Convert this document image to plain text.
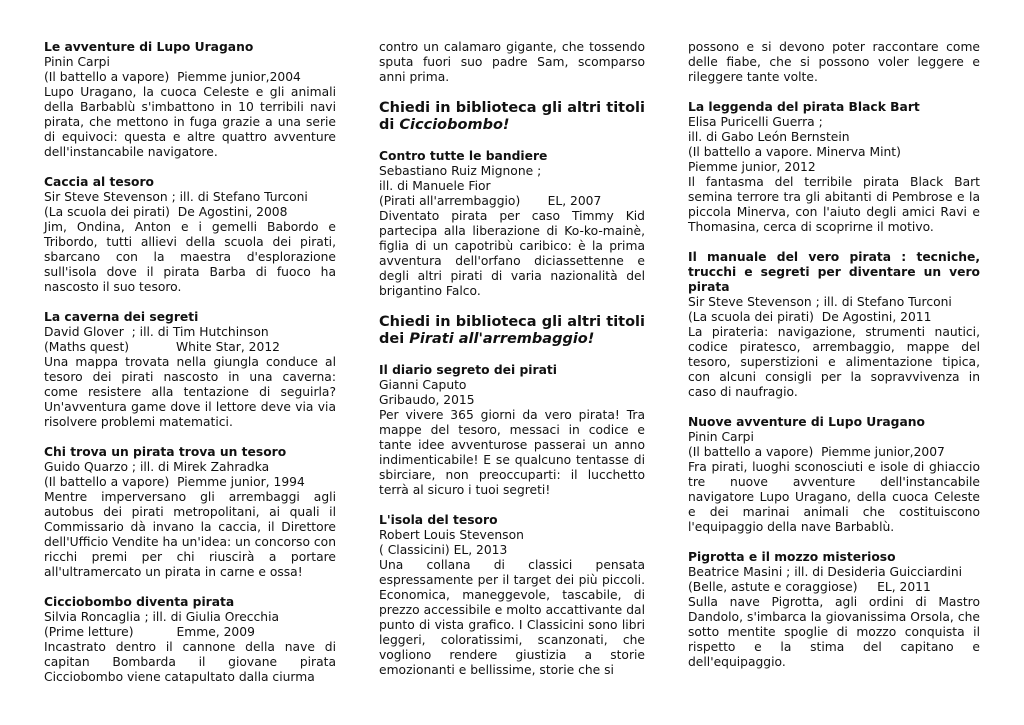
Le avventure di Lupo Uragano
Pinin Carpi
(Il battello a vapore)  Piemme junior,2004
Lupo Uragano, la cuoca Celeste e gli animali della Barbablù s'imbattono in 10 terribili navi pirata, che mettono in fuga grazie a una serie di equivoci: questa e altre quattro avventure dell'instancabile navigatore.
Caccia al tesoro
Sir Steve Stevenson ; ill. di Stefano Turconi
(La scuola dei pirati)  De Agostini, 2008
Jim, Ondina, Anton e i gemelli Babordo e Tribordo, tutti allievi della scuola dei pirati, sbarcano con la maestra d'esplorazione sull'isola dove il pirata Barba di fuoco ha nascosto il suo tesoro.
La caverna dei segreti
David Glover  ; ill. di Tim Hutchinson
(Maths quest)            White Star, 2012
Una mappa trovata nella giungla conduce al tesoro dei pirati nascosto in una caverna: come resistere alla tentazione di seguirla? Un'avventura game dove il lettore deve via via risolvere problemi matematici.
Chi trova un pirata trova un tesoro
Guido Quarzo ; ill. di Mirek Zahradka
(Il battello a vapore)  Piemme junior, 1994
Mentre imperversano gli arrembaggi agli autobus dei pirati metropolitani, ai quali il Commissario dà invano la caccia, il Direttore dell'Ufficio Vendite ha un'idea: un concorso con ricchi premi per chi riuscirà a portare all'ultramercato un pirata in carne e ossa!
Cicciobombo diventa pirata
Silvia Roncaglia ; ill. di Giulia Orecchia
(Prime letture)           Emme, 2009
Incastrato dentro il cannone della nave di capitan Bombarda il giovane pirata Cicciobombo viene catapultato dalla ciurma
contro un calamaro gigante, che tossendo sputa fuori suo padre Sam, scomparso anni prima.
Chiedi in biblioteca gli altri titoli di Cicciobombo!
Contro tutte le bandiere
Sebastiano Ruiz Mignone ;
ill. di Manuele Fior
(Pirati all'arrembaggio)       EL, 2007
Diventato pirata per caso Timmy Kid partecipa alla liberazione di Ko-ko-mainè, figlia di un capotribù caribico: è la prima avventura dell'orfano diciassettenne e degli altri pirati di varia nazionalità del brigantino Falco.
Chiedi in biblioteca gli altri titoli dei Pirati all'arrembaggio!
Il diario segreto dei pirati
Gianni Caputo
Gribaudo, 2015
Per vivere 365 giorni da vero pirata! Tra mappe del tesoro, messaci in codice e tante idee avventurose passerai un anno indimenticabile! E se qualcuno tentasse di sbirciare, non preoccuparti: il lucchetto terrà al sicuro i tuoi segreti!
L'isola del tesoro
Robert Louis Stevenson
( Classicini) EL, 2013
Una collana di classici pensata espressamente per il target dei più piccoli. Economica, maneggevole, tascabile, di prezzo accessibile e molto accattivante dal punto di vista grafico. I Classicini sono libri leggeri, coloratissimi, scanzonati, che vogliono rendere giustizia a storie emozionanti e bellissime, storie che si
possono e si devono poter raccontare come delle fiabe, che si possono voler leggere e rileggere tante volte.
La leggenda del pirata Black Bart
Elisa Puricelli Guerra ;
ill. di Gabo León Bernstein
(Il battello a vapore. Minerva Mint)
Piemme junior, 2012
Il fantasma del terribile pirata Black Bart semina terrore tra gli abitanti di Pembrose e la piccola Minerva, con l'aiuto degli amici Ravi e Thomasina, cerca di scoprirne il motivo.
Il manuale del vero pirata : tecniche, trucchi e segreti per diventare un vero pirata
Sir Steve Stevenson ; ill. di Stefano Turconi
(La scuola dei pirati)  De Agostini, 2011
La pirateria: navigazione, strumenti nautici, codice piratesco, arrembaggio, mappe del tesoro, superstizioni e alimentazione tipica, con alcuni consigli per la sopravvivenza in caso di naufragio.
Nuove avventure di Lupo Uragano
Pinin Carpi
(Il battello a vapore)  Piemme junior,2007
Fra pirati, luoghi sconosciuti e isole di ghiaccio tre nuove avventure dell'instancabile navigatore Lupo Uragano, della cuoca Celeste e dei marinai animali che costituiscono l'equipaggio della nave Barbablù.
Pigrotta e il mozzo misterioso
Beatrice Masini ; ill. di Desideria Guicciardini
(Belle, astute e coraggiose)     EL, 2011
Sulla nave Pigrotta, agli ordini di Mastro Dandolo, s'imbarca la giovanissima Orsola, che sotto mentite spoglie di mozzo conquista il rispetto e la stima del capitano e dell'equipaggio.
